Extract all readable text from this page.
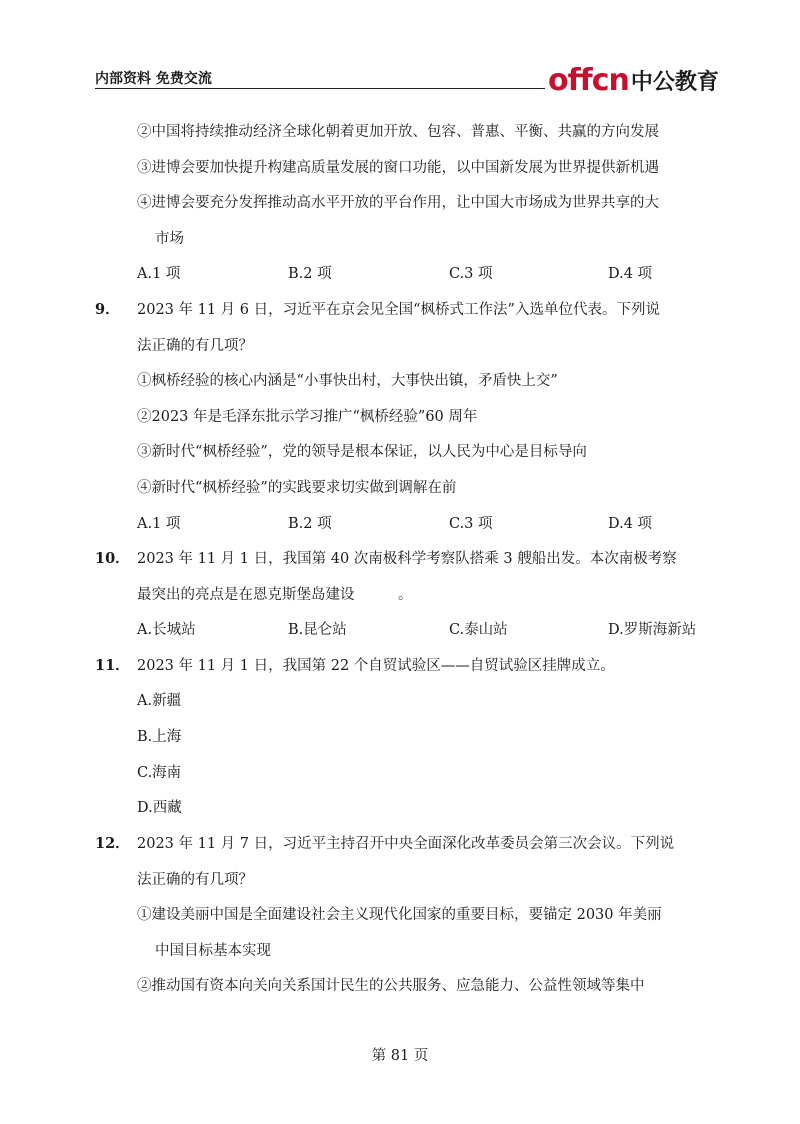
内部资料 免费交流	offcn 中公教育
②中国将持续推动经济全球化朝着更加开放、包容、普惠、平衡、共赢的方向发展
③进博会要加快提升构建高质量发展的窗口功能，以中国新发展为世界提供新机遇
④进博会要充分发挥推动高水平开放的平台作用，让中国大市场成为世界共享的大
市场
A.1 项	B.2 项	C.3 项	D.4 项
9． 2023 年 11 月 6 日，习近平在京会见全国“枫桥式工作法”入选单位代表。下列说
法正确的有几项？
①枫桥经验的核心内涵是“小事快出村，大事快出镇，矛盾快上交”
②2023 年是毛泽东批示学习推广“枫桥经验”60 周年
③新时代“枫桥经验”，党的领导是根本保证，以人民为中心是目标导向
④新时代“枫桥经验”的实践要求切实做到调解在前
A.1 项	B.2 项	C.3 项	D.4 项
10． 2023 年 11 月 1 日，我国第 40 次南极科学考察队搭乘 3 艘船出发。本次南极考察
最突出的亮点是在恩克斯堡岛建设　　　。
A.长城站	B.昆仑站	C.泰山站	D.罗斯海新站
11． 2023 年 11 月 1 日，我国第 22 个自贸试验区——自贸试验区挂牌成立。
A.新疆
B.上海
C.海南
D.西藏
12． 2023 年 11 月 7 日，习近平主持召开中央全面深化改革委员会第三次会议。下列说
法正确的有几项？
①建设美丽中国是全面建设社会主义现代化国家的重要目标，要锚定 2030 年美丽
中国目标基本实现
②推动国有资本向关向关系国计民生的公共服务、应急能力、公益性领域等集中
第 81 页
